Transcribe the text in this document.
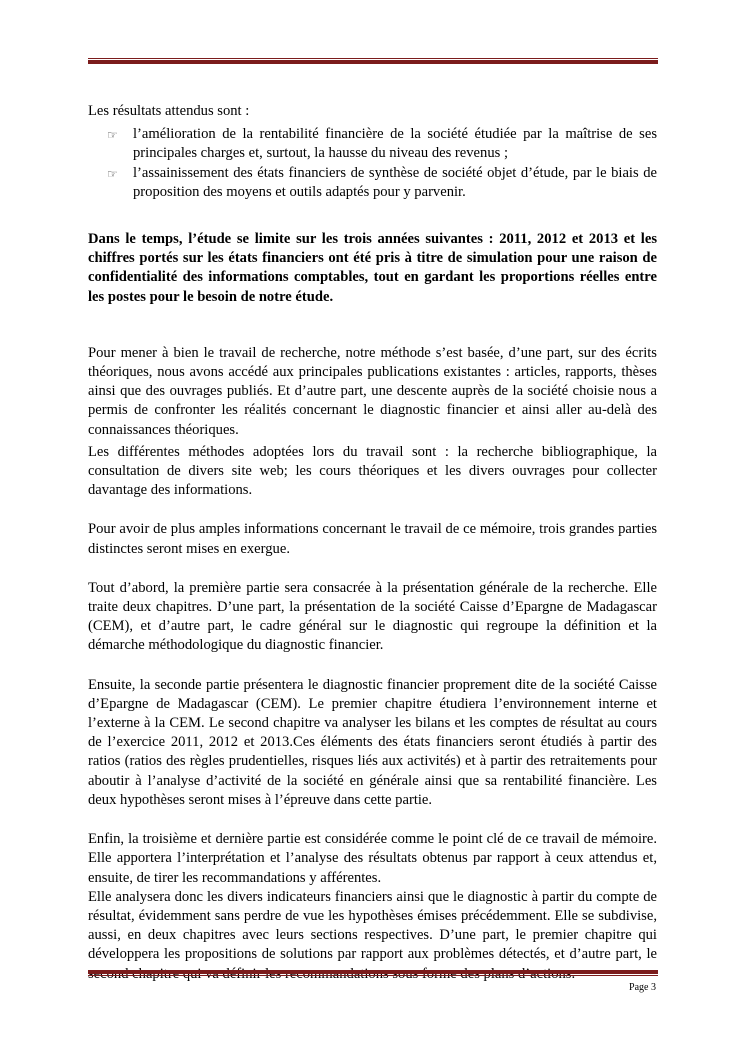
Les résultats attendus sont :

☞ l’amélioration de la rentabilité financière de la société étudiée par la maîtrise de ses principales charges et, surtout, la hausse du niveau des revenus ;
☞ l’assainissement des états financiers de synthèse de société objet d’étude, par le biais de proposition des moyens et outils adaptés pour y parvenir.

Dans le temps, l’étude se limite sur les trois années suivantes : 2011, 2012 et 2013 et les chiffres portés sur les états financiers ont été pris à titre de simulation pour une raison de confidentialité des informations comptables, tout en gardant les proportions réelles entre les postes pour le besoin de notre étude.

Pour mener à bien le travail de recherche, notre méthode s’est basée, d’une part, sur des écrits théoriques, nous avons accédé aux principales publications existantes : articles, rapports, thèses ainsi que des ouvrages publiés. Et d’autre part, une descente auprès de la société choisie nous a permis de confronter les réalités concernant le diagnostic financier et ainsi aller au-delà des connaissances théoriques.

Les différentes méthodes adoptées lors du travail sont : la recherche bibliographique, la consultation de divers site web; les cours théoriques et les divers ouvrages pour collecter davantage des informations.

Pour avoir de plus amples informations concernant le travail de ce mémoire, trois grandes parties distinctes seront mises en exergue.

Tout d’abord, la première partie sera consacrée à la présentation générale de la recherche. Elle traite deux chapitres. D’une part, la présentation de la société Caisse d’Epargne de Madagascar (CEM), et d’autre part, le cadre général sur le diagnostic qui regroupe la définition et la démarche méthodologique du diagnostic financier.

Ensuite, la seconde partie présentera le diagnostic financier proprement dite de la société Caisse d’Epargne de Madagascar (CEM). Le premier chapitre étudiera l’environnement interne et l’externe à la CEM. Le second chapitre va analyser les bilans et les comptes de résultat au cours de l’exercice 2011, 2012 et 2013.Ces éléments des états financiers seront étudiés à partir des ratios (ratios des règles prudentielles, risques liés aux activités) et à partir des retraitements pour aboutir à l’analyse d’activité de la société en générale ainsi que sa rentabilité financière. Les deux hypothèses seront mises à l’épreuve dans cette partie.

Enfin, la troisième et dernière partie est considérée comme le point clé de ce travail de mémoire. Elle apportera l’interprétation et l’analyse des résultats obtenus par rapport à ceux attendus et, ensuite, de tirer les recommandations y afférentes.

Elle analysera donc les divers indicateurs financiers ainsi que le diagnostic à partir du compte de résultat, évidemment sans perdre de vue les hypothèses émises précédemment. Elle se subdivise, aussi, en deux chapitres avec leurs sections respectives. D’une part, le premier chapitre qui développera les propositions de solutions par rapport aux problèmes détectés, et d’autre part, le

Page 3
